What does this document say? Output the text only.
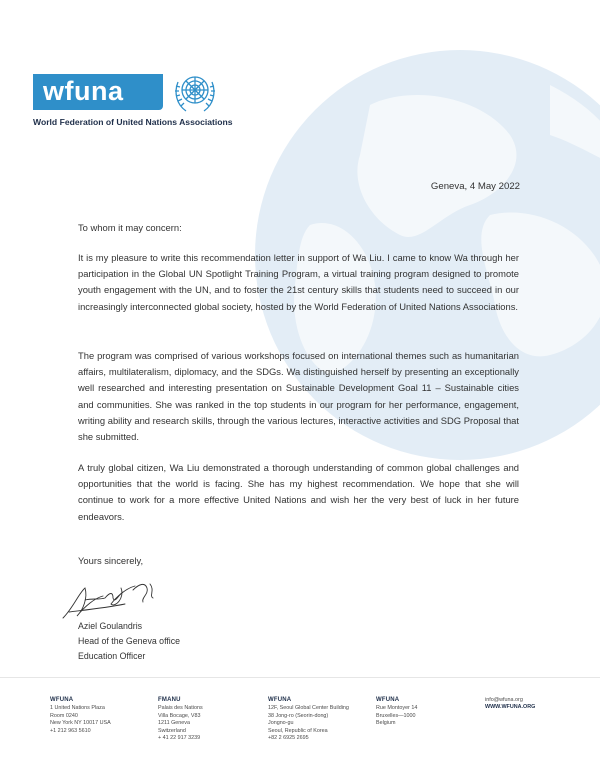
wfuna
World Federation of United Nations Associations
Geneva, 4 May 2022
To whom it may concern:
It is my pleasure to write this recommendation letter in support of Wa Liu. I came to know Wa through her participation in the Global UN Spotlight Training Program, a virtual training program designed to promote youth engagement with the UN, and to foster the 21st century skills that students need to succeed in our increasingly interconnected global society, hosted by the World Federation of United Nations Associations.
The program was comprised of various workshops focused on international themes such as humanitarian affairs, multilateralism, diplomacy, and the SDGs. Wa distinguished herself by presenting an exceptionally well researched and interesting presentation on Sustainable Development Goal 11 – Sustainable cities and communities. She was ranked in the top students in our program for her performance, engagement, writing ability and research skills, through the various lectures, interactive activities and SDG Proposal that she submitted.
A truly global citizen, Wa Liu demonstrated a thorough understanding of common global challenges and opportunities that the world is facing. She has my highest recommendation. We hope that she will continue to work for a more effective United Nations and wish her the very best of luck in her future endeavors.
Yours sincerely,
Aziel Goulandris
Head of the Geneva office
Education Officer
WFUNA
1 United Nations Plaza
Room 0240
New York NY 10017 USA
+1 212 963 5610
FMANU
Palais des Nations
Villa Bocage, V83
1211 Geneva
Switzerland
+ 41 22 917 3239
WFUNA
12F, Seoul Global Center Building
38 Jong-ro (Seorin-dong)
Jongno-gu
Seoul, Republic of Korea
+82 2 6925 2695
WFUNA
Rue Montoyer 14
Bruxelles—1000
Belgium
info@wfuna.org
WWW.WFUNA.ORG
